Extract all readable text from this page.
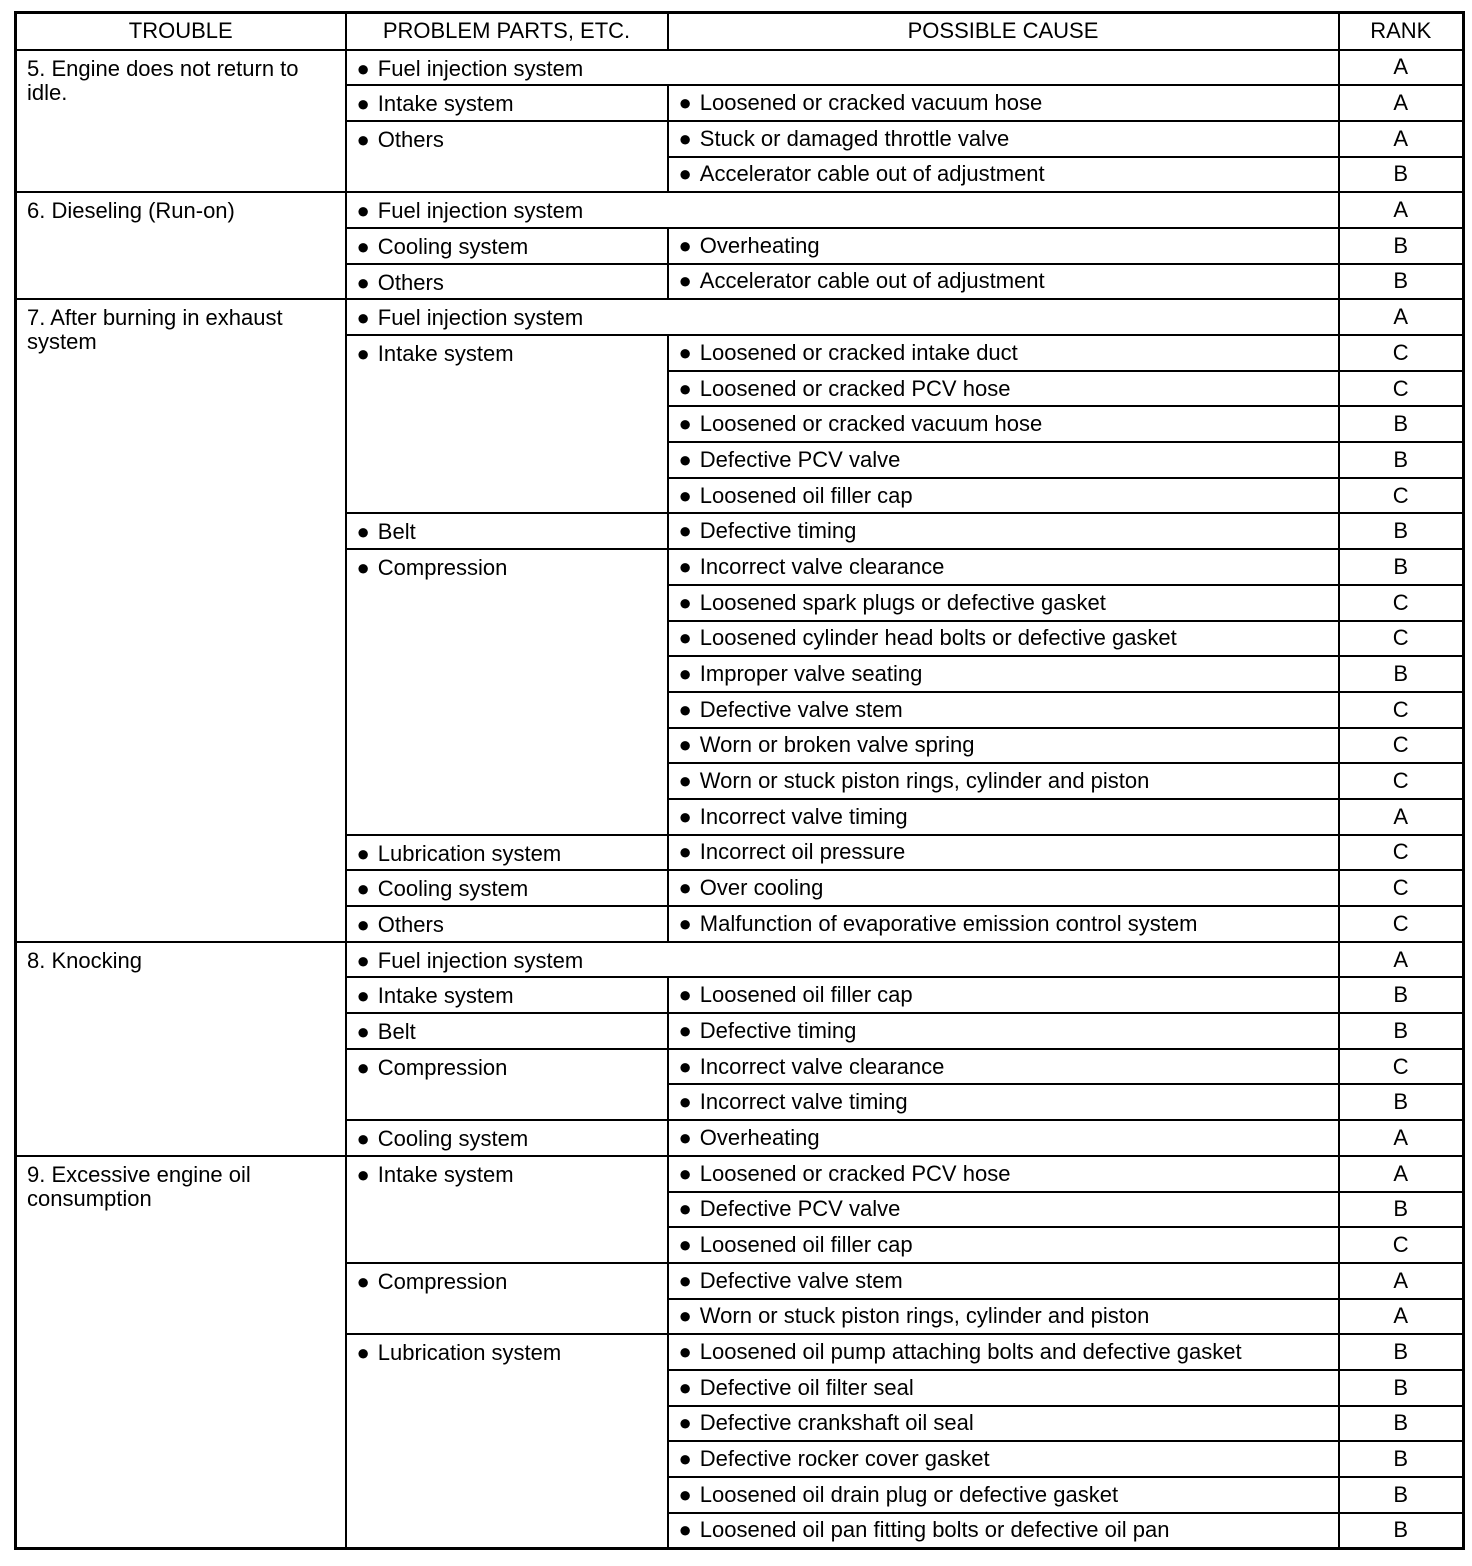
TROUBLE	PROBLEM PARTS, ETC.	POSSIBLE CAUSE	RANK
5. Engine does not return to idle.	● Fuel injection system		A
	● Intake system	● Loosened or cracked vacuum hose	A
	● Others	● Stuck or damaged throttle valve	A
		● Accelerator cable out of adjustment	B
6. Dieseling (Run-on)	● Fuel injection system		A
	● Cooling system	● Overheating	B
	● Others	● Accelerator cable out of adjustment	B
7. After burning in exhaust system	● Fuel injection system		A
	● Intake system	● Loosened or cracked intake duct	C
		● Loosened or cracked PCV hose	C
		● Loosened or cracked vacuum hose	B
		● Defective PCV valve	B
		● Loosened oil filler cap	C
	● Belt	● Defective timing	B
	● Compression	● Incorrect valve clearance	B
		● Loosened spark plugs or defective gasket	C
		● Loosened cylinder head bolts or defective gasket	C
		● Improper valve seating	B
		● Defective valve stem	C
		● Worn or broken valve spring	C
		● Worn or stuck piston rings, cylinder and piston	C
		● Incorrect valve timing	A
	● Lubrication system	● Incorrect oil pressure	C
	● Cooling system	● Over cooling	C
	● Others	● Malfunction of evaporative emission control system	C
8. Knocking	● Fuel injection system		A
	● Intake system	● Loosened oil filler cap	B
	● Belt	● Defective timing	B
	● Compression	● Incorrect valve clearance	C
		● Incorrect valve timing	B
	● Cooling system	● Overheating	A
9. Excessive engine oil consumption	● Intake system	● Loosened or cracked PCV hose	A
		● Defective PCV valve	B
		● Loosened oil filler cap	C
	● Compression	● Defective valve stem	A
		● Worn or stuck piston rings, cylinder and piston	A
	● Lubrication system	● Loosened oil pump attaching bolts and defective gasket	B
		● Defective oil filter seal	B
		● Defective crankshaft oil seal	B
		● Defective rocker cover gasket	B
		● Loosened oil drain plug or defective gasket	B
		● Loosened oil pan fitting bolts or defective oil pan	B
